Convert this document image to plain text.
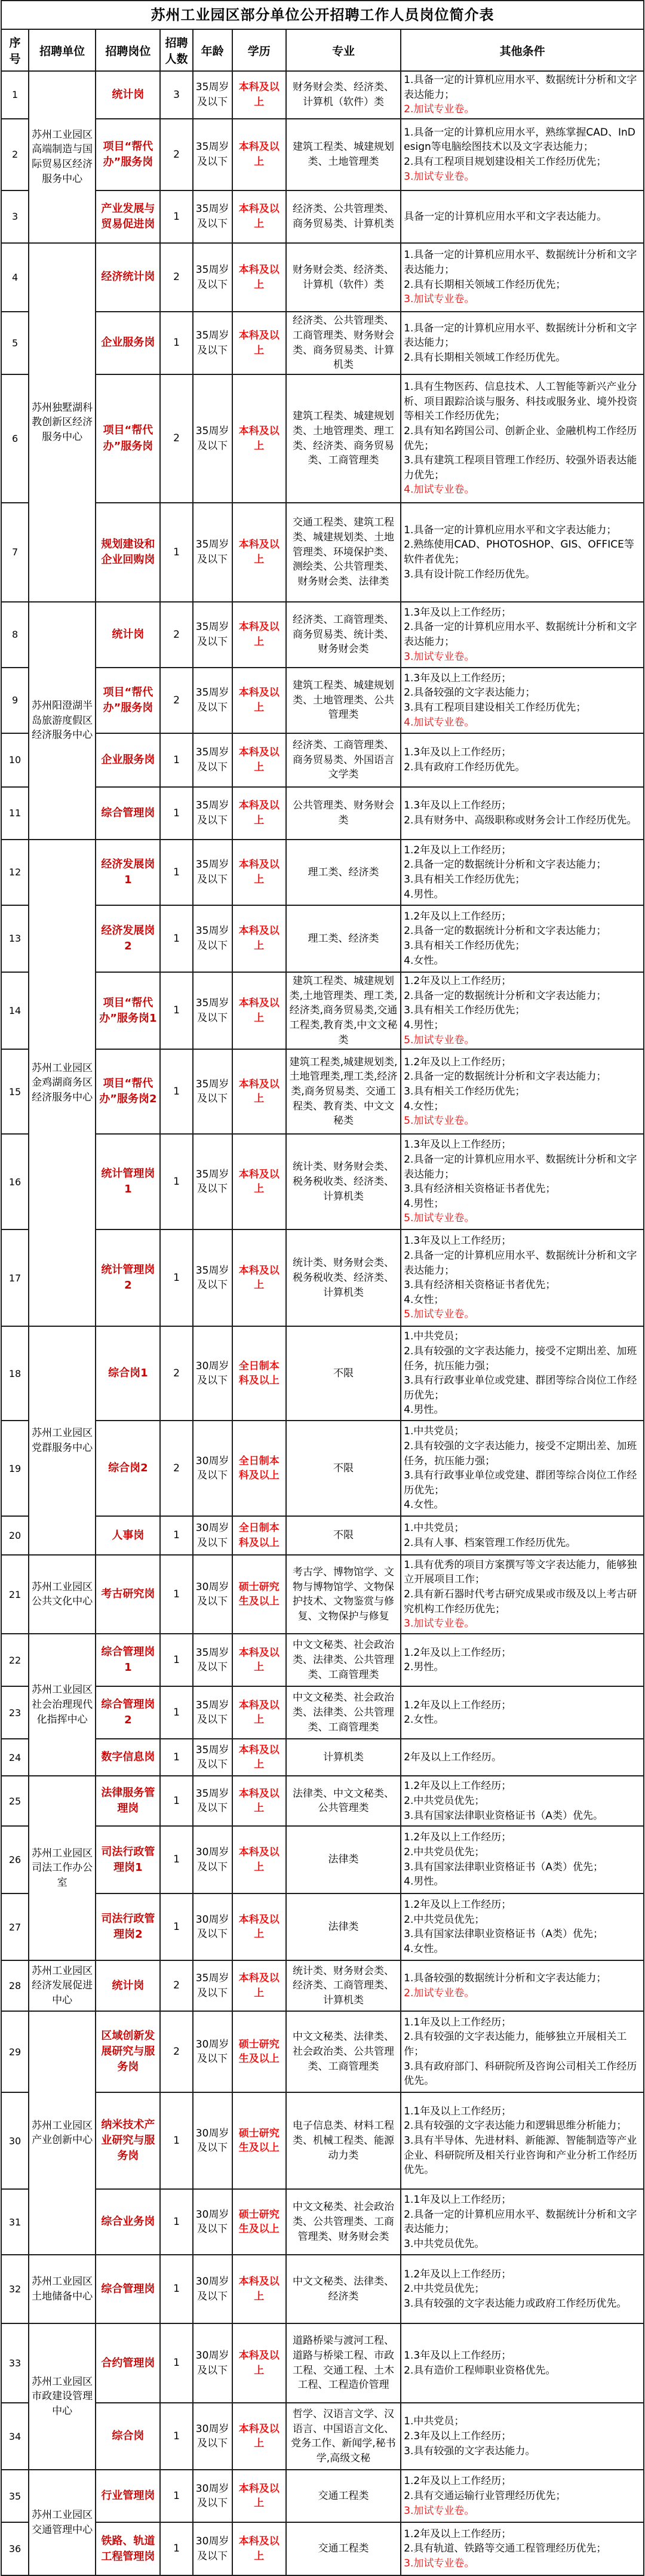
苏州工业园区部分单位公开招聘工作人员岗位简介表							
序号	招聘单位	招聘岗位	招聘人数	年龄	学历	专业	其他条件
1	苏州工业园区高端制造与国际贸易区经济服务中心	统计岗	3	35周岁及以下	本科及以上	财务财会类、经济类、计算机（软件）类	1.具备一定的计算机应用水平、数据统计分析和文字表达能力；
2.加试专业卷。

2		项目“帮代办”服务岗	2	35周岁及以下	本科及以上	建筑工程类、城建规划类、土地管理类	1.具备一定的计算机应用水平，熟练掌握CAD、InDesign等电脑绘图技术以及文字表达能力；
2.具有工程项目规划建设相关工作经历优先；
3.加试专业卷。

3		产业发展与贸易促进岗	1	35周岁及以下	本科及以上	经济类、公共管理类、商务贸易类、计算机类	具备一定的计算机应用水平和文字表达能力。

4	苏州独墅湖科教创新区经济服务中心	经济统计岗	2	35周岁及以下	本科及以上	财务财会类、经济类、计算机（软件）类	1.具备一定的计算机应用水平、数据统计分析和文字表达能力；
2.具有长期相关领域工作经历优先；
3.加试专业卷。

5		企业服务岗	1	35周岁及以下	本科及以上	经济类、公共管理类、工商管理类、财务财会类、商务贸易类、计算机类	1.具备一定的计算机应用水平、数据统计分析和文字表达能力；
2.具有长期相关领域工作经历优先。

6		项目“帮代办”服务岗	2	35周岁及以下	本科及以上	建筑工程类、城建规划类、土地管理类、理工类、经济类、商务贸易类、工商管理类	1.具有生物医药、信息技术、人工智能等新兴产业分析、项目跟踪洽谈与服务、科技或服务业、境外投资等相关工作经历优先；
2.具有知名跨国公司、创新企业、金融机构工作经历优先；
3.具有建筑工程项目管理工作经历、较强外语表达能力优先；
4.加试专业卷。

7		规划建设和企业回购岗	1	35周岁及以下	本科及以上	交通工程类、建筑工程类、城建规划类、土地管理类、环境保护类、测绘类、公共管理类、财务财会类、法律类	1.具备一定的计算机应用水平和文字表达能力；
2.熟练使用CAD、PHOTOSHOP、GIS、OFFICE等软件者优先；
3.具有设计院工作经历优先。

8	苏州阳澄湖半岛旅游度假区经济服务中心	统计岗	2	35周岁及以下	本科及以上	经济类、工商管理类、商务贸易类、统计类、财务财会类	1.3年及以上工作经历；
2.具备一定的计算机应用水平、数据统计分析和文字表达能力；
3.加试专业卷。

9		项目“帮代办”服务岗	2	35周岁及以下	本科及以上	建筑工程类、城建规划类、土地管理类、公共管理类	1.3年及以上工作经历；
2.具备较强的文字表达能力；
3.具有工程项目建设相关工作经历优先；
4.加试专业卷。

10		企业服务岗	1	35周岁及以下	本科及以上	经济类、工商管理类、商务贸易类、外国语言文学类	1.3年及以上工作经历；
2.具有政府工作经历优先。

11		综合管理岗	1	35周岁及以下	本科及以上	公共管理类、财务财会类	1.3年及以上工作经历；
2.具有财务中、高级职称或财务会计工作经历优先。

12	苏州工业园区金鸡湖商务区经济服务中心	经济发展岗1	1	35周岁及以下	本科及以上	理工类、经济类	1.2年及以上工作经历；
2.具备一定的数据统计分析和文字表达能力；
3.具有相关工作经历优先；
4.男性。

13		经济发展岗2	1	35周岁及以下	本科及以上	理工类、经济类	1.2年及以上工作经历；
2.具备一定的数据统计分析和文字表达能力；
3.具有相关工作经历优先；
4.女性。

14		项目“帮代办”服务岗1	1	35周岁及以下	本科及以上	建筑工程类、城建规划类,土地管理类、理工类,经济类,商务贸易类,交通工程类,教育类,中文文秘类	1.2年及以上工作经历；
2.具备一定的数据统计分析和文字表达能力；
3.具有相关工作经历优先；
4.男性；
5.加试专业卷。

15		项目“帮代办”服务岗2	1	35周岁及以下	本科及以上	建筑工程类,城建规划类,土地管理类,理工类,经济类,商务贸易类、交通工程类、教育类、中文文秘类	1.2年及以上工作经历；
2.具备一定的数据统计分析和文字表达能力；
3.具有相关工作经历优先；
4.女性；
5.加试专业卷。

16		统计管理岗1	1	35周岁及以下	本科及以上	统计类、财务财会类、税务税收类、经济类、计算机类	1.3年及以上工作经历；
2.具备一定的计算机应用水平、数据统计分析和文字表达能力；
3.具有经济相关资格证书者优先；
4.男性；
5.加试专业卷。

17		统计管理岗2	1	35周岁及以下	本科及以上	统计类、财务财会类、税务税收类、经济类、计算机类	1.3年及以上工作经历；
2.具备一定的计算机应用水平、数据统计分析和文字表达能力；
3.具有经济相关资格证书者优先；
4.女性；
5.加试专业卷。

18	苏州工业园区党群服务中心	综合岗1	2	30周岁及以下	全日制本科及以上	不限	1.中共党员；
2.具有较强的文字表达能力，接受不定期出差、加班任务，抗压能力强；
3.具有行政事业单位或党建、群团等综合岗位工作经历优先；
4.男性。

19		综合岗2	2	30周岁及以下	全日制本科及以上	不限	1.中共党员；
2.具有较强的文字表达能力，接受不定期出差、加班任务，抗压能力强；
3.具有行政事业单位或党建、群团等综合岗位工作经历优先；
4.女性。

20		人事岗	1	30周岁及以下	全日制本科及以上	不限	1.中共党员；
2.具有人事、档案管理工作经历优先。

21	苏州工业园区公共文化中心	考古研究岗	1	30周岁及以下	硕士研究生及以上	考古学、博物馆学、文物与博物馆学、文物保护技术、文物鉴赏与修复、文物保护与修复	1.具有优秀的项目方案撰写等文字表达能力，能够独立开展项目工作；
2.具有新石器时代考古研究成果或市级及以上考古研究机构工作经历优先；
3.加试专业卷。

22	苏州工业园区社会治理现代化指挥中心	综合管理岗1	1	35周岁及以下	本科及以上	中文文秘类、社会政治类、法律类、公共管理类、工商管理类	1.2年及以上工作经历；
2.男性。

23		综合管理岗2	1	35周岁及以下	本科及以上	中文文秘类、社会政治类、法律类、公共管理类、工商管理类	1.2年及以上工作经历；
2.女性。

24		数字信息岗	1	35周岁及以下	本科及以上	计算机类	2年及以上工作经历。

25	苏州工业园区司法工作办公室	法律服务管理岗	1	35周岁及以下	本科及以上	法律类、中文文秘类、公共管理类	1.2年及以上工作经历；
2.中共党员优先；
3.具有国家法律职业资格证书（A类）优先。

26		司法行政管理岗1	1	30周岁及以下	本科及以上	法律类	1.2年及以上工作经历；
2.中共党员优先；
3.具有国家法律职业资格证书（A类）优先；
4.男性。

27		司法行政管理岗2	1	30周岁及以下	本科及以上	法律类	1.2年及以上工作经历；
2.中共党员优先；
3.具有国家法律职业资格证书（A类）优先；
4.女性。

28	苏州工业园区经济发展促进中心	统计岗	2	35周岁及以下	本科及以上	统计类、财务财会类、经济类、工商管理类、计算机类	1.具备较强的数据统计分析和文字表达能力；
2.加试专业卷。

29	苏州工业园区产业创新中心	区域创新发展研究与服务岗	2	30周岁及以下	硕士研究生及以上	中文文秘类、法律类、社会政治类、公共管理类、工商管理类	1.1年及以上工作经历；
2.具有较强的文字表达能力，能够独立开展相关工作；
3.具有政府部门、科研院所及咨询公司相关工作经历优先。

30		纳米技术产业研究与服务岗	1	30周岁及以下	硕士研究生及以上	电子信息类、材料工程类、机械工程类、能源动力类	1.1年及以上工作经历；
2.具有较强的文字表达能力和逻辑思维分析能力；
3.具有半导体、先进材料、新能源、智能制造等产业企业、科研院所及相关行业咨询和产业分析工作经历优先。

31		综合业务岗	1	30周岁及以下	硕士研究生及以上	中文文秘类、社会政治类、公共管理类、工商管理类、财务财会类	1.1年及以上工作经历；
2.具备一定的计算机应用水平、数据统计分析和文字表达能力；
3.中共党员优先。

32	苏州工业园区土地储备中心	综合管理岗	1	30周岁及以下	本科及以上	中文文秘类、法律类、经济类	1.2年及以上工作经历；
2.中共党员优先；
3.具有较强的文字表达能力或政府工作经历优先。

33	苏州工业园区市政建设管理中心	合约管理岗	1	30周岁及以下	本科及以上	道路桥梁与渡河工程、道路与桥梁工程、市政工程、交通工程、土木工程、工程造价管理	1.3年及以上工作经历；
2.具有造价工程师职业资格优先。

34		综合岗	1	30周岁及以下	本科及以上	哲学、汉语言文学、汉语言、中国语言文化、党务工作、新闻学,秘书学,高级文秘	1.中共党员；
2.3年及以上工作经历；
3.具有较强的文字表达能力。

35	苏州工业园区交通管理中心	行业管理岗	1	30周岁及以下	本科及以上	交通工程类	1.2年及以上工作经历；
2.具有交通运输行业管理经历优先；
3.加试专业卷。

36		铁路、轨道工程管理岗	1	30周岁及以下	本科及以上	交通工程类	1.2年及以上工作经历；
2.具有轨道、铁路等交通工程管理经历优先；
3.加试专业卷。
